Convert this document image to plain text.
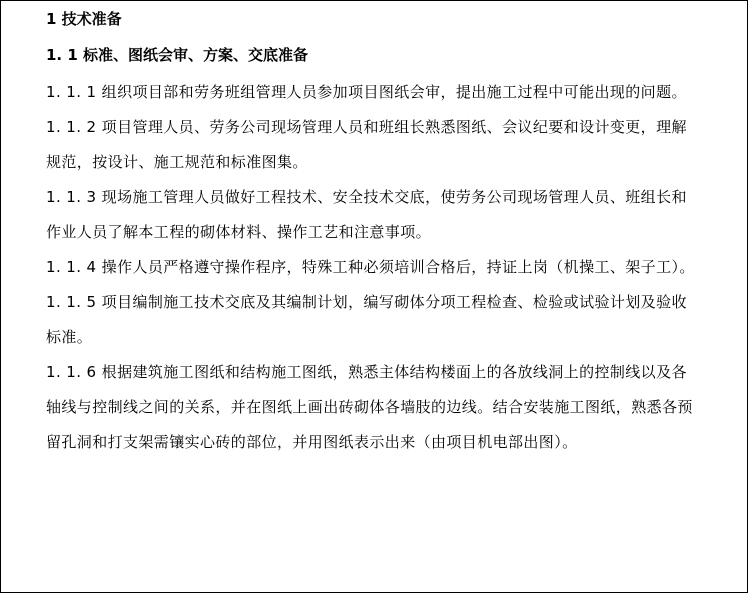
1 技术准备
1. 1 标准、图纸会审、方案、交底准备

1. 1. 1 组织项目部和劳务班组管理人员参加项目图纸会审，提出施工过程中可能出现的问题。

1. 1. 2 项目管理人员、劳务公司现场管理人员和班组长熟悉图纸、会议纪要和设计变更，理解规范，按设计、施工规范和标准图集。

1. 1. 3 现场施工管理人员做好工程技术、安全技术交底，使劳务公司现场管理人员、班组长和作业人员了解本工程的砌体材料、操作工艺和注意事项。

1. 1. 4 操作人员严格遵守操作程序，特殊工种必须培训合格后，持证上岗（机操工、架子工）。

1. 1. 5 项目编制施工技术交底及其编制计划，编写砌体分项工程检查、检验或试验计划及验收标准。

1. 1. 6 根据建筑施工图纸和结构施工图纸，熟悉主体结构楼面上的各放线洞上的控制线以及各轴线与控制线之间的关系，并在图纸上画出砖砌体各墙肢的边线。结合安装施工图纸，熟悉各预留孔洞和打支架需镶实心砖的部位，并用图纸表示出来（由项目机电部出图）。
